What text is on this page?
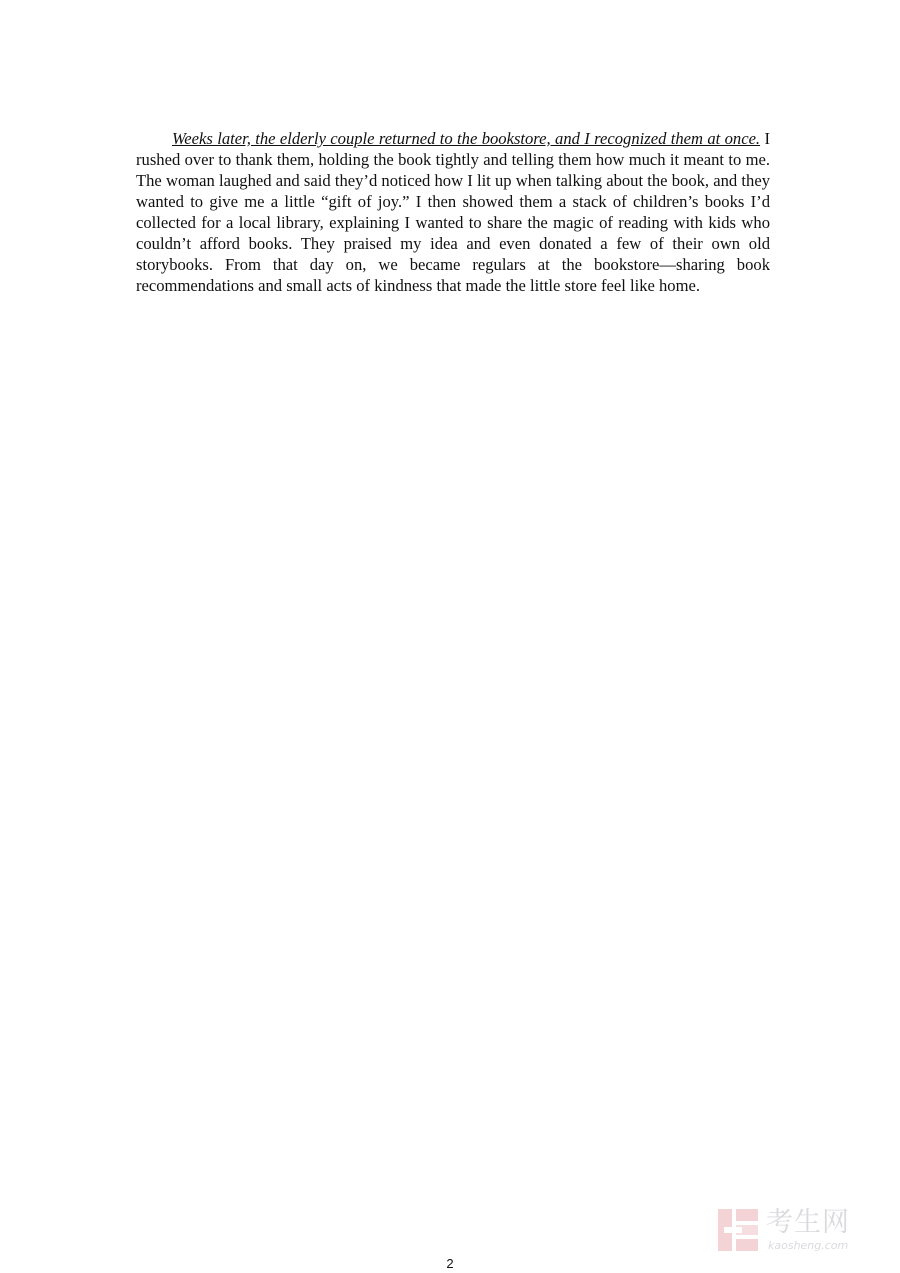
Weeks later, the elderly couple returned to the bookstore, and I recognized them at once. I rushed over to thank them, holding the book tightly and telling them how much it meant to me. The woman laughed and said they’d noticed how I lit up when talking about the book, and they wanted to give me a little “gift of joy.” I then showed them a stack of children’s books I’d collected for a local library, explaining I wanted to share the magic of reading with kids who couldn’t afford books. They praised my idea and even donated a few of their own old storybooks. From that day on, we became regulars at the bookstore—sharing book recommendations and small acts of kindness that made the little store feel like home.

2
考生网
kaosheng.com
